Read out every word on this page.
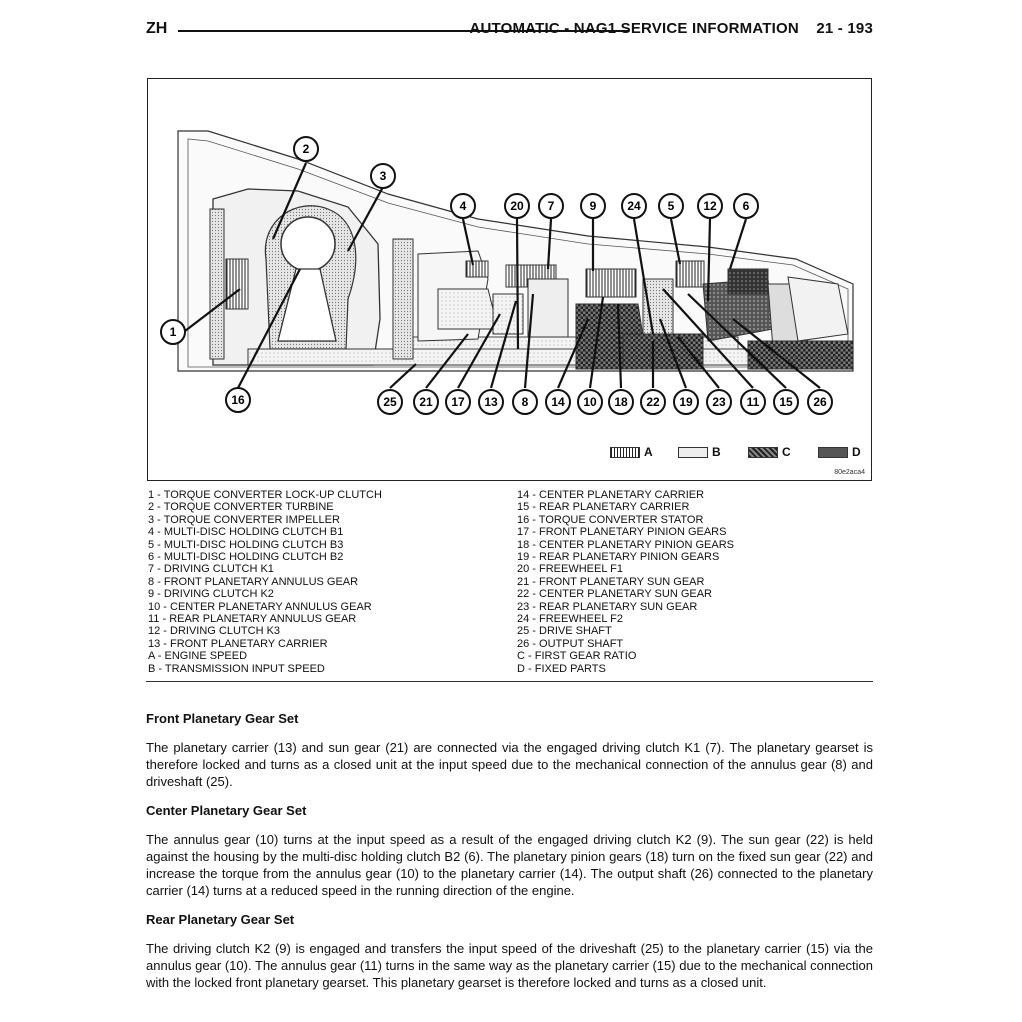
ZH	AUTOMATIC - NAG1 SERVICE INFORMATION    21 - 193
2
3
4	20 7	9	24 5 12 6
1
16	25 21 17 13 8 14 10 18 22 19 23 11 15 26
A	B	C	D
80e2aca4
1 - TORQUE CONVERTER LOCK-UP CLUTCH
2 - TORQUE CONVERTER TURBINE
3 - TORQUE CONVERTER IMPELLER
4 - MULTI-DISC HOLDING CLUTCH B1
5 - MULTI-DISC HOLDING CLUTCH B3
6 - MULTI-DISC HOLDING CLUTCH B2
7 - DRIVING CLUTCH K1
8 - FRONT PLANETARY ANNULUS GEAR
9 - DRIVING CLUTCH K2
10 - CENTER PLANETARY ANNULUS GEAR
11 - REAR PLANETARY ANNULUS GEAR
12 - DRIVING CLUTCH K3
13 - FRONT PLANETARY CARRIER
A - ENGINE SPEED
B - TRANSMISSION INPUT SPEED
14 - CENTER PLANETARY CARRIER
15 - REAR PLANETARY CARRIER
16 - TORQUE CONVERTER STATOR
17 - FRONT PLANETARY PINION GEARS
18 - CENTER PLANETARY PINION GEARS
19 - REAR PLANETARY PINION GEARS
20 - FREEWHEEL F1
21 - FRONT PLANETARY SUN GEAR
22 - CENTER PLANETARY SUN GEAR
23 - REAR PLANETARY SUN GEAR
24 - FREEWHEEL F2
25 - DRIVE SHAFT
26 - OUTPUT SHAFT
C - FIRST GEAR RATIO
D - FIXED PARTS
Front Planetary Gear Set
The planetary carrier (13) and sun gear (21) are connected via the engaged driving clutch K1 (7). The planetary gearset is therefore locked and turns as a closed unit at the input speed due to the mechanical connection of the annulus gear (8) and driveshaft (25).
Center Planetary Gear Set
The annulus gear (10) turns at the input speed as a result of the engaged driving clutch K2 (9). The sun gear (22) is held against the housing by the multi-disc holding clutch B2 (6). The planetary pinion gears (18) turn on the fixed sun gear (22) and increase the torque from the annulus gear (10) to the planetary carrier (14). The output shaft (26) connected to the planetary carrier (14) turns at a reduced speed in the running direction of the engine.
Rear Planetary Gear Set
The driving clutch K2 (9) is engaged and transfers the input speed of the driveshaft (25) to the planetary carrier (15) via the annulus gear (10). The annulus gear (11) turns in the same way as the planetary carrier (15) due to the mechanical connection with the locked front planetary gearset. This planetary gearset is therefore locked and turns as a closed unit.
